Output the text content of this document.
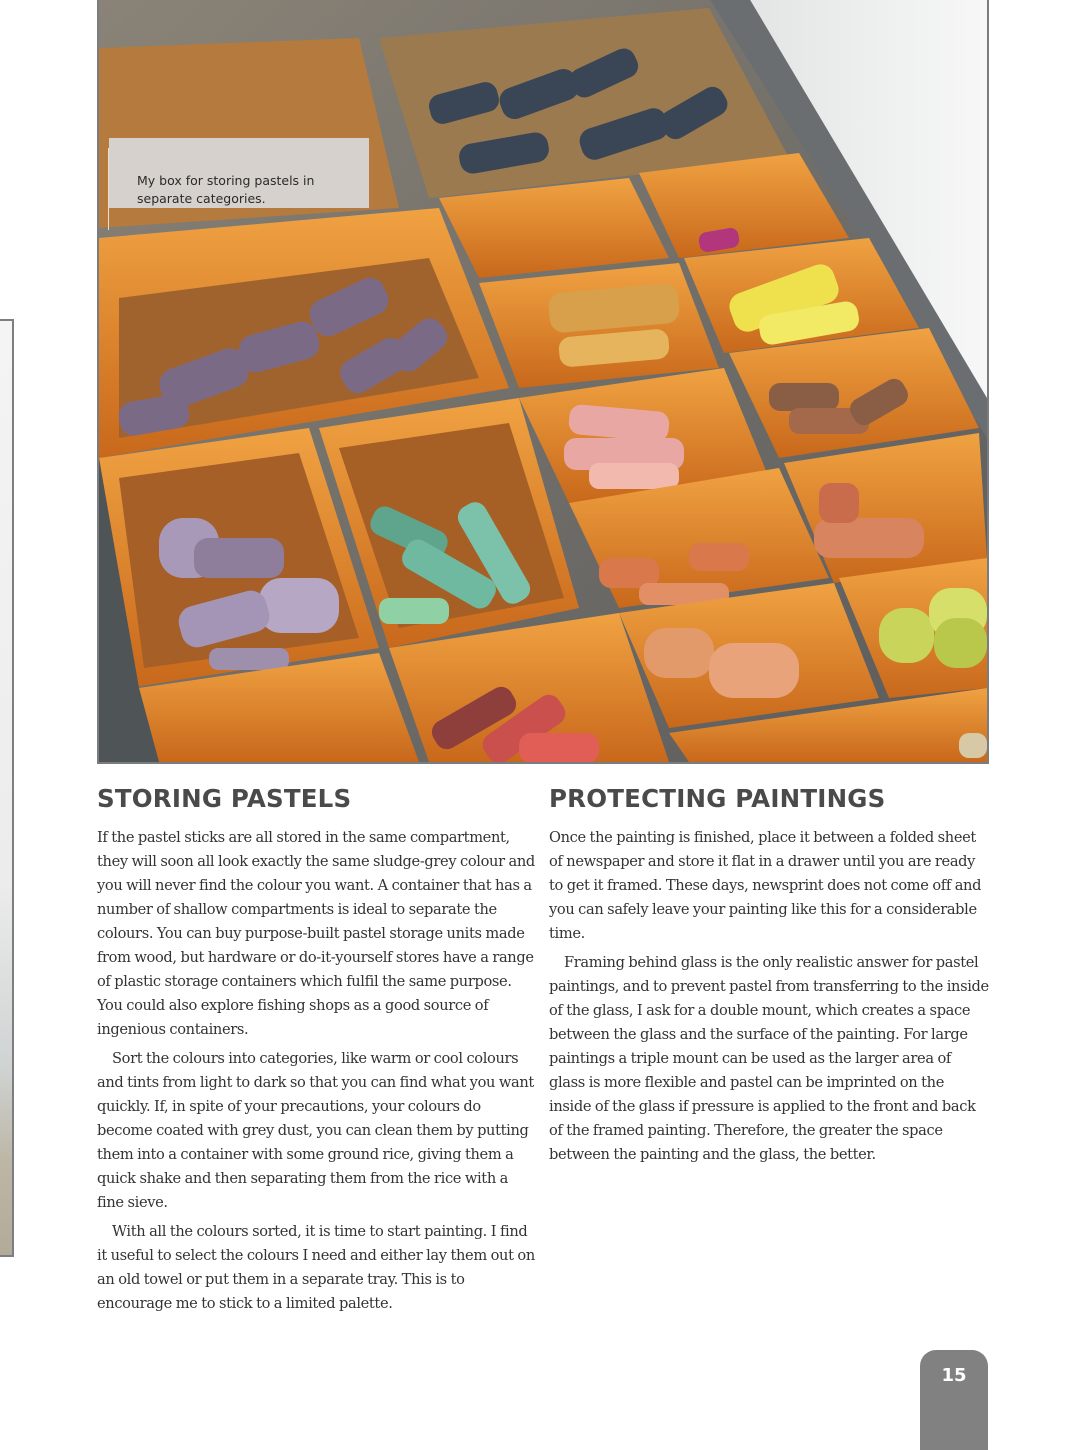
My box for storing pastels in separate categories.
STORING PASTELS

If the pastel sticks are all stored in the same compartment, they will soon all look exactly the same sludge-grey colour and you will never find the colour you want. A container that has a number of shallow compartments is ideal to separate the colours. You can buy purpose-built pastel storage units made from wood, but hardware or do-it-yourself stores have a range of plastic storage containers which fulfil the same purpose. You could also explore fishing shops as a good source of ingenious containers.

Sort the colours into categories, like warm or cool colours and tints from light to dark so that you can find what you want quickly. If, in spite of your precautions, your colours do become coated with grey dust, you can clean them by putting them into a container with some ground rice, giving them a quick shake and then separating them from the rice with a fine sieve.

With all the colours sorted, it is time to start painting. I find it useful to select the colours I need and either lay them out on an old towel or put them in a separate tray. This is to encourage me to stick to a limited palette.

PROTECTING PAINTINGS

Once the painting is finished, place it between a folded sheet of newspaper and store it flat in a drawer until you are ready to get it framed. These days, newsprint does not come off and you can safely leave your painting like this for a considerable time.

Framing behind glass is the only realistic answer for pastel paintings, and to prevent pastel from transferring to the inside of the glass, I ask for a double mount, which creates a space between the glass and the surface of the painting. For large paintings a triple mount can be used as the larger area of glass is more flexible and pastel can be imprinted on the inside of the glass if pressure is applied to the front and back of the framed painting. Therefore, the greater the space between the painting and the glass, the better.

15
